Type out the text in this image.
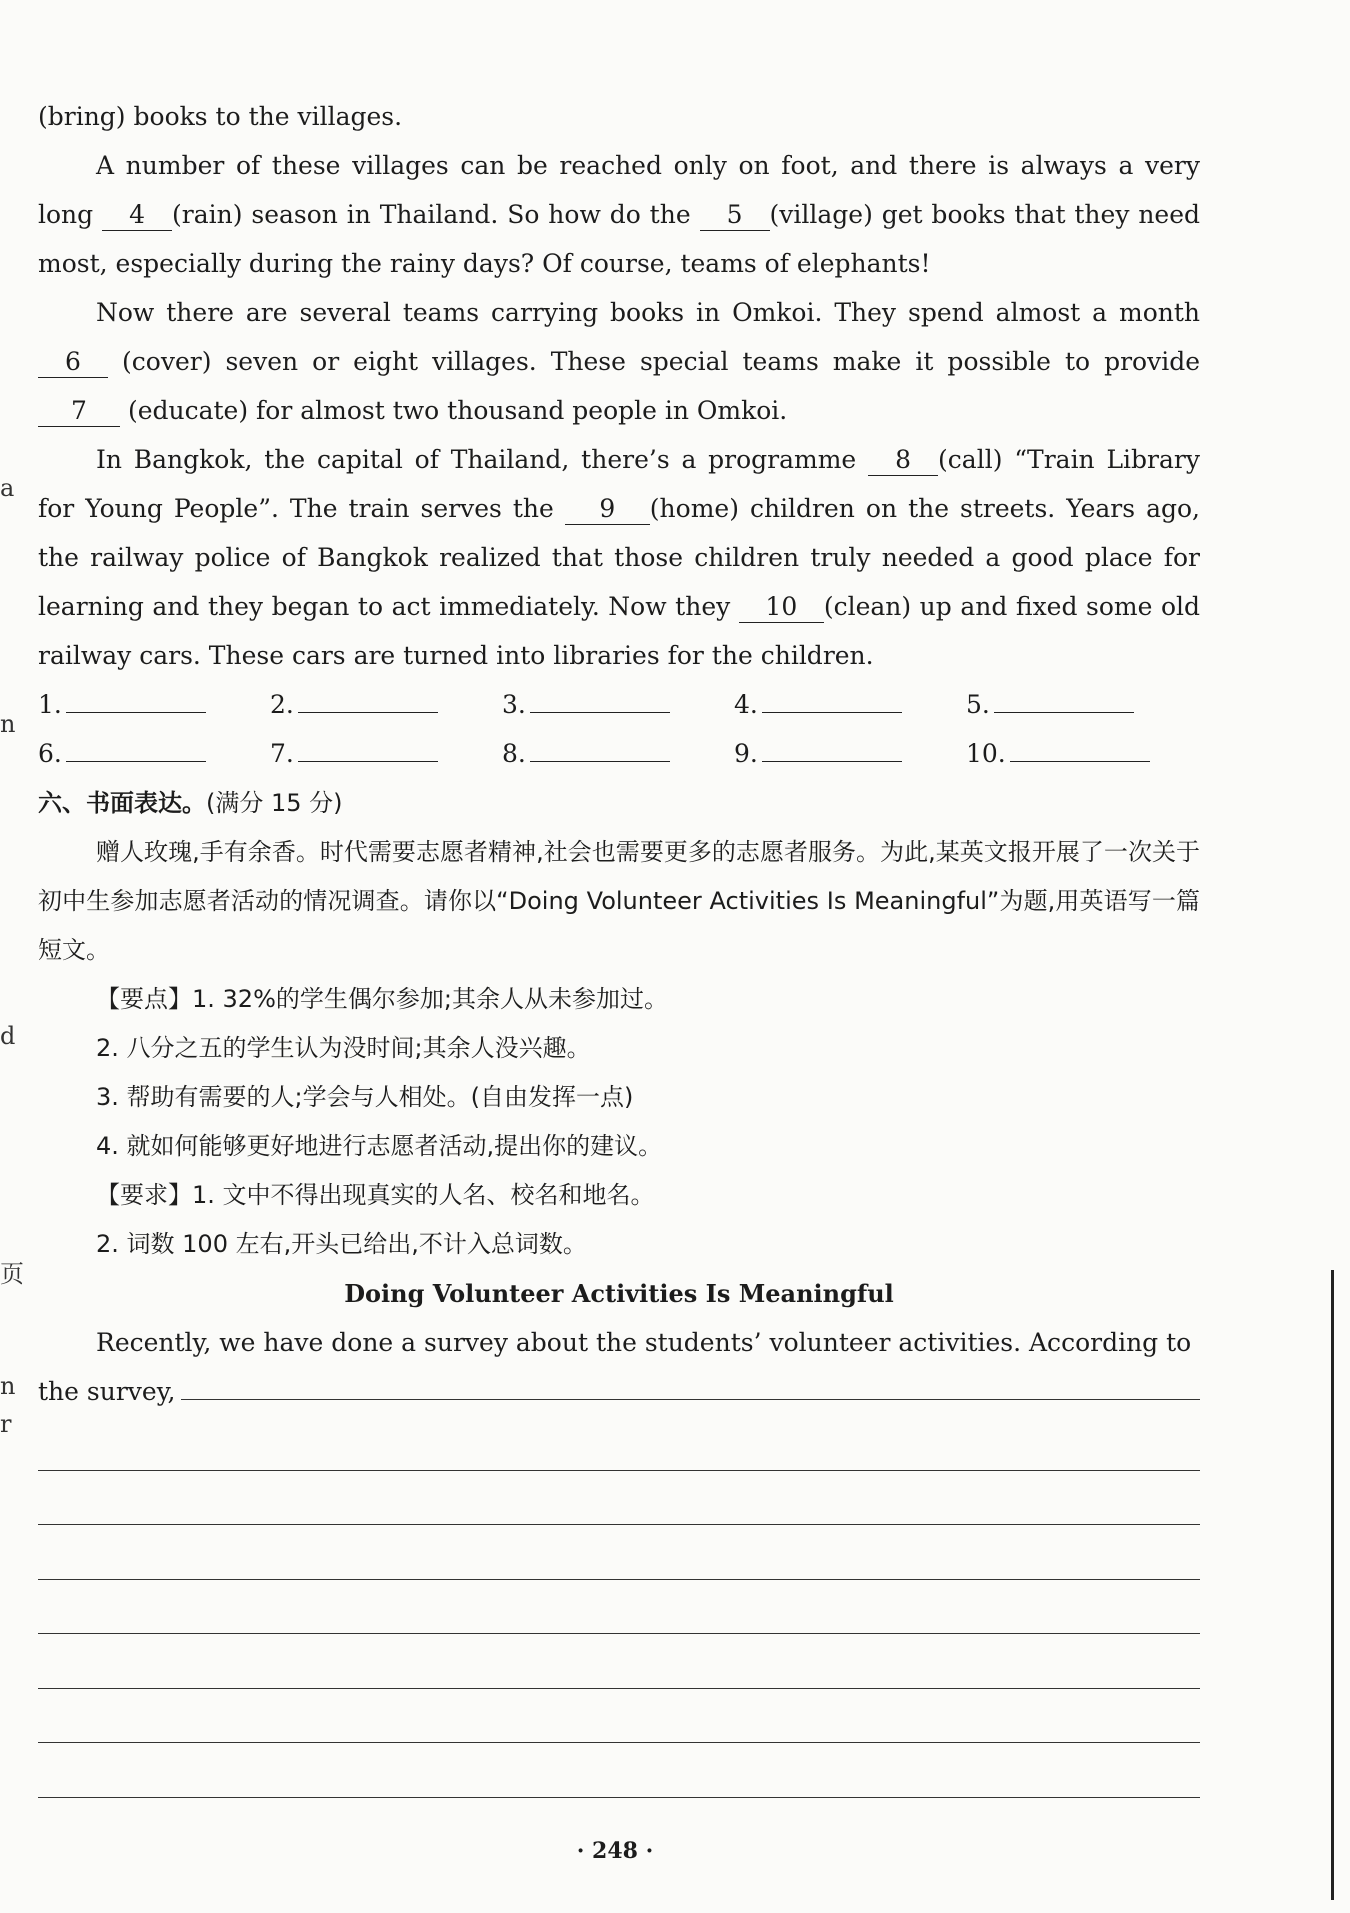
a
n
d
页
n
r

(bring) books to the villages.

A number of these villages can be reached only on foot, and there is always a very long 4 (rain) season in Thailand. So how do the 5 (village) get books that they need most, especially during the rainy days? Of course, teams of elephants!

Now there are several teams carrying books in Omkoi. They spend almost a month 6 (cover) seven or eight villages. These special teams make it possible to provide 7 (educate) for almost two thousand people in Omkoi.

In Bangkok, the capital of Thailand, there’s a programme 8 (call) “Train Library for Young People”. The train serves the 9 (home) children on the streets. Years ago, the railway police of Bangkok realized that those children truly needed a good place for learning and they began to act immediately. Now they 10 (clean) up and fixed some old railway cars. These cars are turned into libraries for the children.

1.	2.	3.	4.	5.
6.	7.	8.	9.	10.

六、书面表达。(满分 15 分)

赠人玫瑰,手有余香。时代需要志愿者精神,社会也需要更多的志愿者服务。为此,某英文报开展了一次关于初中生参加志愿者活动的情况调查。请你以“Doing Volunteer Activities Is Meaningful”为题,用英语写一篇短文。

【要点】1. 32%的学生偶尔参加;其余人从未参加过。

2. 八分之五的学生认为没时间;其余人没兴趣。

3. 帮助有需要的人;学会与人相处。(自由发挥一点)

4. 就如何能够更好地进行志愿者活动,提出你的建议。

【要求】1. 文中不得出现真实的人名、校名和地名。

2. 词数 100 左右,开头已给出,不计入总词数。

Doing Volunteer Activities Is Meaningful

Recently, we have done a survey about the students’ volunteer activities. According to

the survey,
· 248 ·
